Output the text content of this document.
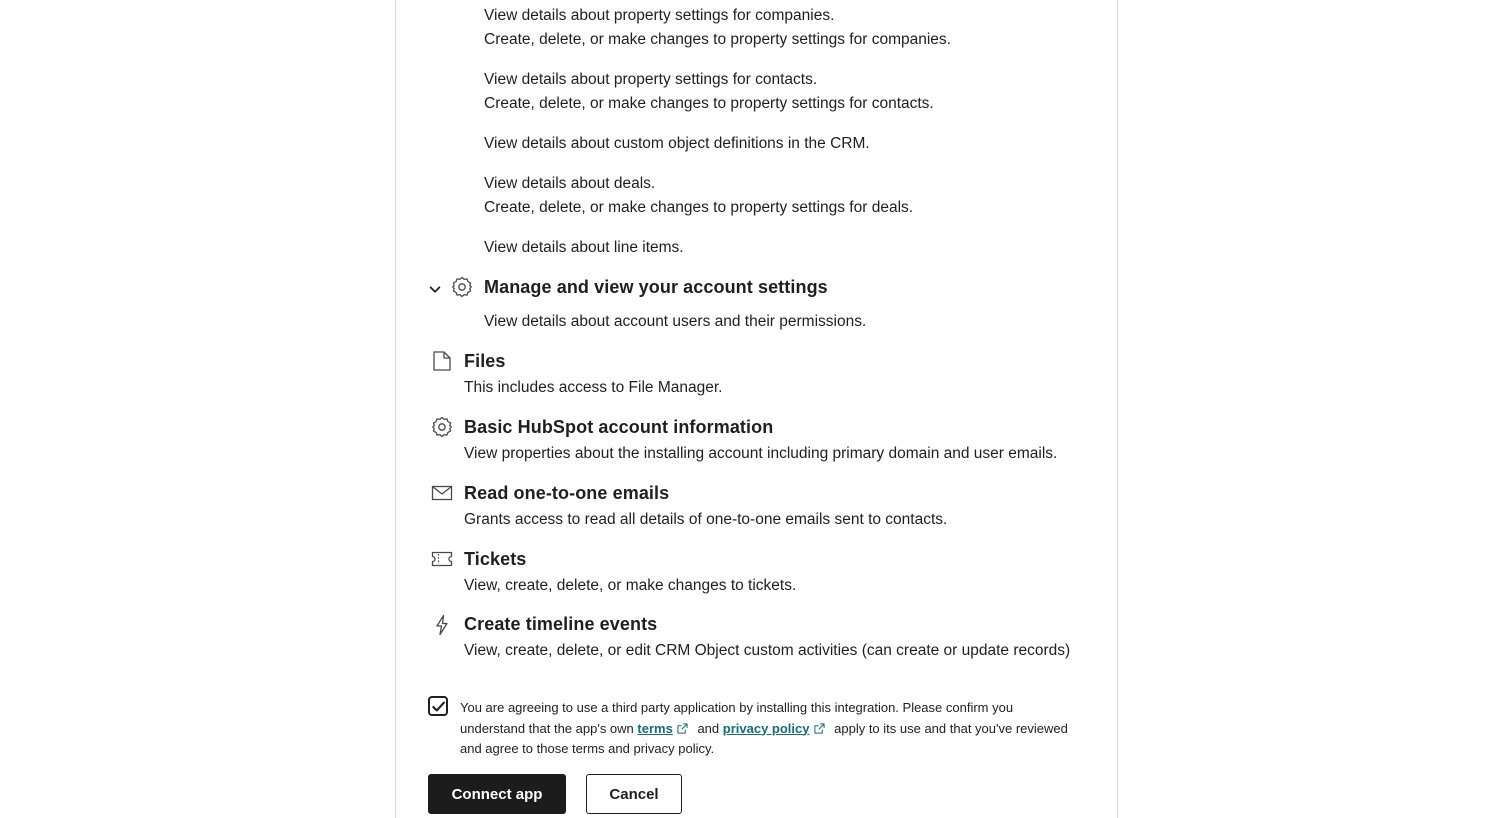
View details about property settings for companies.
Create, delete, or make changes to property settings for companies.
View details about property settings for contacts.
Create, delete, or make changes to property settings for contacts.
View details about custom object definitions in the CRM.
View details about deals.
Create, delete, or make changes to property settings for deals.
View details about line items.
Manage and view your account settings
View details about account users and their permissions.
Files
This includes access to File Manager.
Basic HubSpot account information
View properties about the installing account including primary domain and user emails.
Read one-to-one emails
Grants access to read all details of one-to-one emails sent to contacts.
Tickets
View, create, delete, or make changes to tickets.
Create timeline events
View, create, delete, or edit CRM Object custom activities (can create or update records)
You are agreeing to use a third party application by installing this integration. Please confirm you understand that the app's own terms and privacy policy apply to its use and that you've reviewed and agree to those terms and privacy policy.
Connect app	Cancel
